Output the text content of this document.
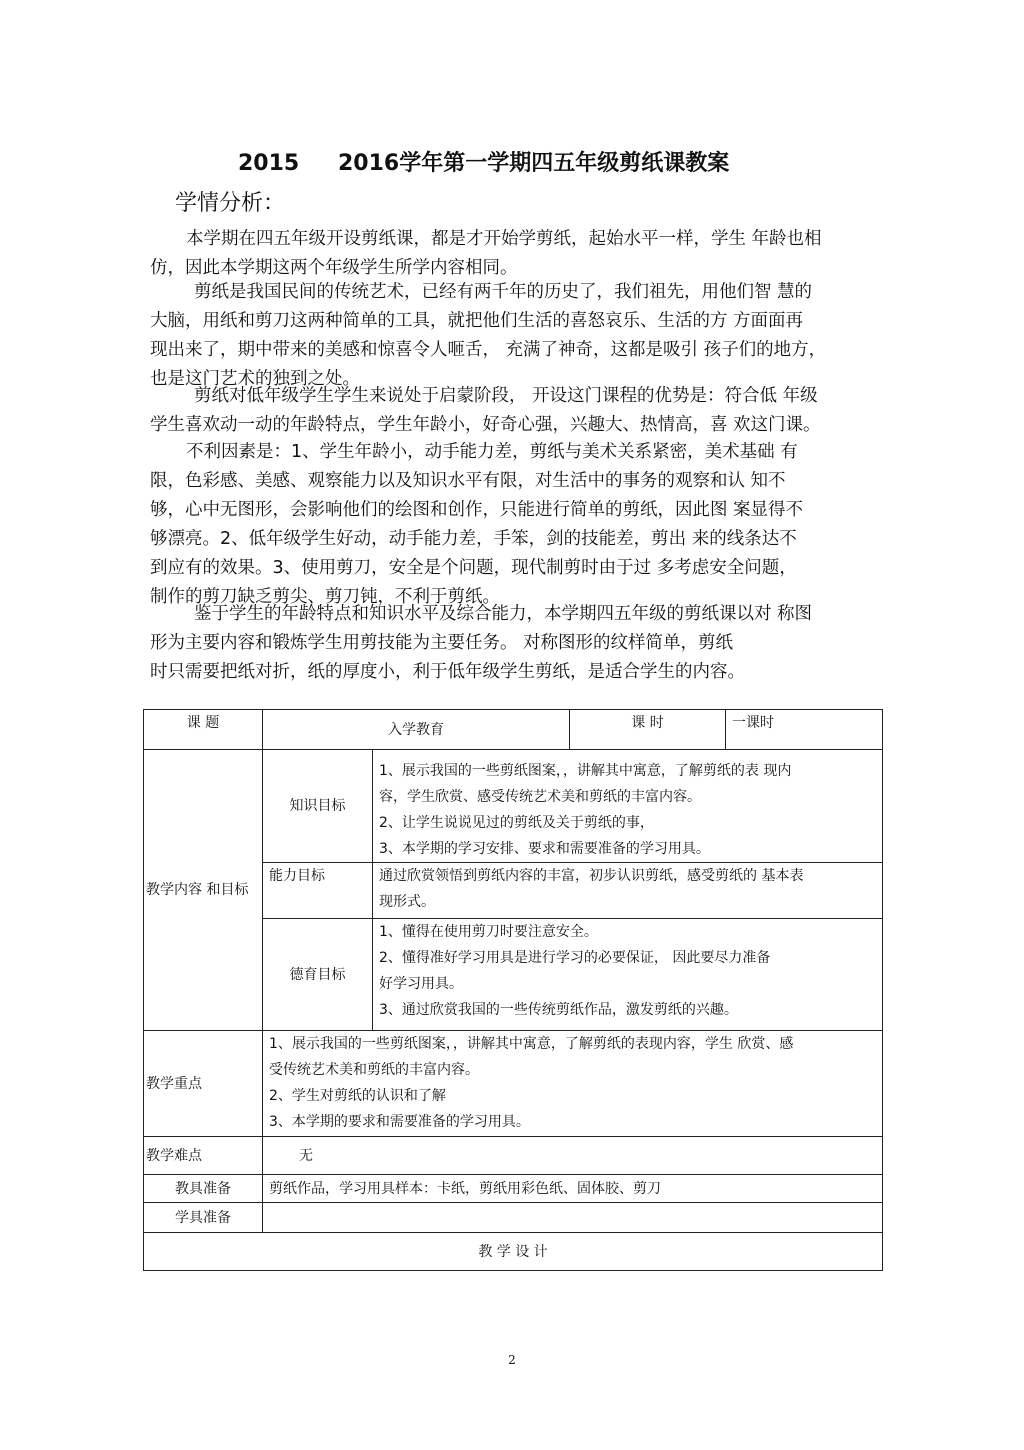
2015 2016学年第一学期四五年级剪纸课教案
学情分析：

本学期在四五年级开设剪纸课，都是才开始学剪纸，起始水平一样，学生 年龄也相
仿，因此本学期这两个年级学生所学内容相同。

剪纸是我国民间的传统艺术，已经有两千年的历史了，我们祖先，用他们智 慧的
大脑，用纸和剪刀这两种简单的工具，就把他们生活的喜怒哀乐、生活的方 方面面再
现出来了，期中带来的美感和惊喜令人咂舌， 充满了神奇，这都是吸引 孩子们的地方，
也是这门艺术的独到之处。

剪纸对低年级学生学生来说处于启蒙阶段， 开设这门课程的优势是：符合低 年级
学生喜欢动一动的年龄特点，学生年龄小，好奇心强，兴趣大、热情高，喜 欢这门课。

不利因素是：1、学生年龄小，动手能力差，剪纸与美术关系紧密，美术基础 有
限，色彩感、美感、观察能力以及知识水平有限，对生活中的事务的观察和认 知不
够，心中无图形，会影响他们的绘图和创作，只能进行简单的剪纸，因此图 案显得不
够漂亮。2、低年级学生好动，动手能力差，手笨，剑的技能差，剪出 来的线条达不
到应有的效果。3、使用剪刀，安全是个问题，现代制剪时由于过 多考虑安全问题，
制作的剪刀缺乏剪尖、剪刀钝，不利于剪纸。

鉴于学生的年龄特点和知识水平及综合能力，本学期四五年级的剪纸课以对 称图
形为主要内容和锻炼学生用剪技能为主要任务。 对称图形的纹样简单，剪纸
时只需要把纸对折，纸的厚度小，利于低年级学生剪纸，是适合学生的内容。

课 题	入学教育		课 时	一课时
教学内容 和目标	知识目标	1、展示我国的一些剪纸图案，，讲解其中寓意，了解剪纸的表 现内
容，学生欣赏、感受传统艺术美和剪纸的丰富内容。
2、让学生说说见过的剪纸及关于剪纸的事，
3、本学期的学习安排、要求和需要准备的学习用具。		

	能力目标	通过欣赏领悟到剪纸内容的丰富，初步认识剪纸，感受剪纸的 基本表
现形式。		

	德育目标	1、懂得在使用剪刀时要注意安全。
2、懂得准好学习用具是进行学习的必要保证， 因此要尽力准备
好学习用具。
3、通过欣赏我国的一些传统剪纸作品，激发剪纸的兴趣。		

教学重点	1、展示我国的一些剪纸图案，，讲解其中寓意，了解剪纸的表现内容，学生 欣赏、感
受传统艺术美和剪纸的丰富内容。
2、学生对剪纸的认识和了解
3、本学期的要求和需要准备的学习用具。			

教学难点	无			
教具准备	剪纸作品，学习用具样本：卡纸，剪纸用彩色纸、固体胶、剪刀			
学具准备				
教 学 设 计				
2
